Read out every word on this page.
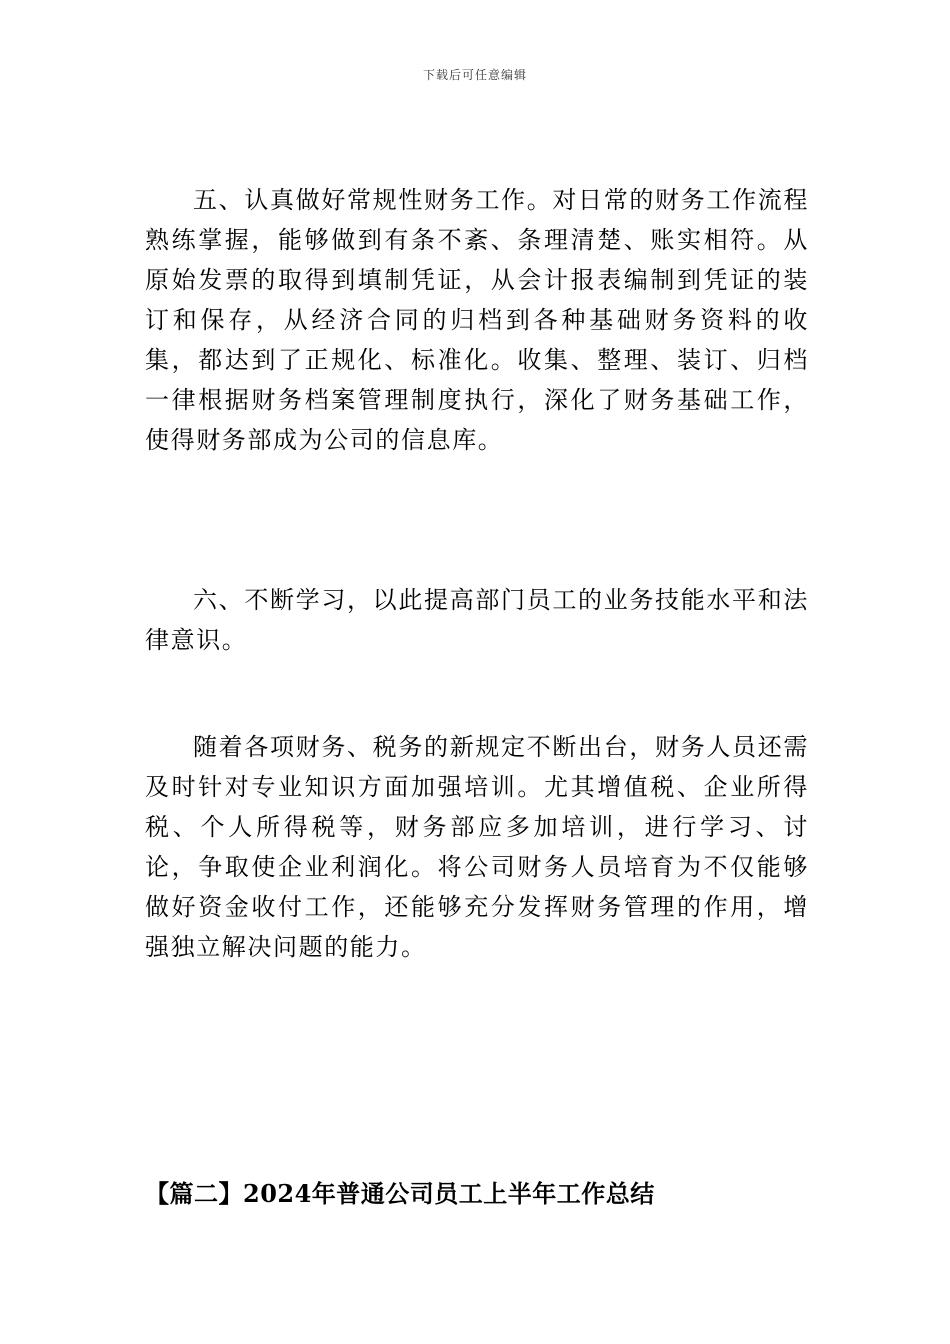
下载后可任意编辑

五、认真做好常规性财务工作。对日常的财务工作流程熟练掌握，能够做到有条不紊、条理清楚、账实相符。从原始发票的取得到填制凭证，从会计报表编制到凭证的装订和保存，从经济合同的归档到各种基础财务资料的收集，都达到了正规化、标准化。收集、整理、装订、归档一律根据财务档案管理制度执行，深化了财务基础工作，使得财务部成为公司的信息库。

六、不断学习，以此提高部门员工的业务技能水平和法律意识。

随着各项财务、税务的新规定不断出台，财务人员还需及时针对专业知识方面加强培训。尤其增值税、企业所得税、个人所得税等，财务部应多加培训，进行学习、讨论，争取使企业利润化。将公司财务人员培育为不仅能够做好资金收付工作，还能够充分发挥财务管理的作用，增强独立解决问题的能力。

【篇二】2024年普通公司员工上半年工作总结
